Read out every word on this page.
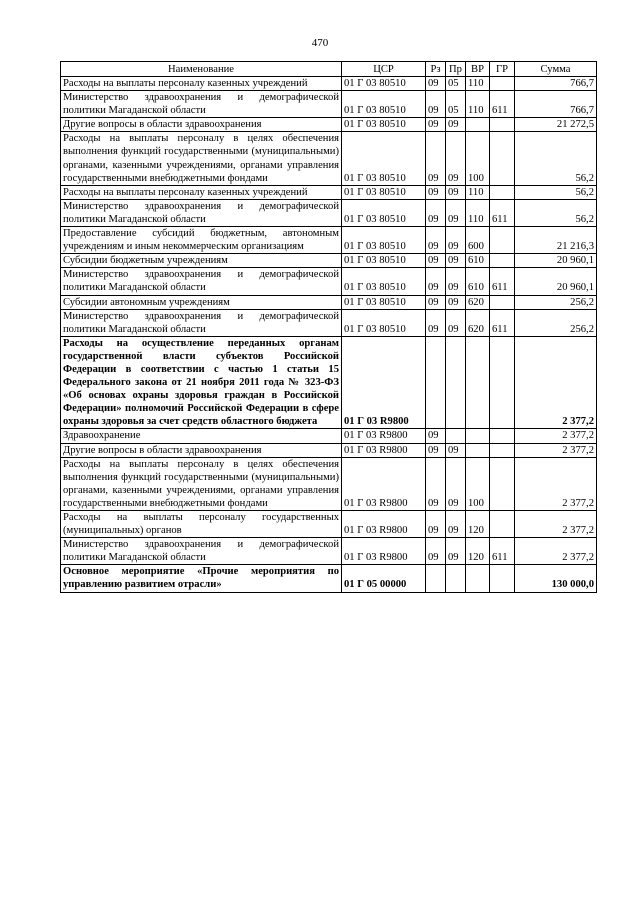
470
Наименование	ЦСР	Рз	Пр	ВР	ГР	Сумма
Расходы на выплаты персоналу казенных учреждений	01 Г 03 80510	09	05	110		766,7
Министерство здравоохранения и демографической политики Магаданской области	01 Г 03 80510	09	05	110	611	766,7
Другие вопросы в области здравоохранения	01 Г 03 80510	09	09			21 272,5
Расходы на выплаты персоналу в целях обеспечения выполнения функций государственными (муниципальными) органами, казенными учреждениями, органами управления государственными внебюджетными фондами	01 Г 03 80510	09	09	100		56,2
Расходы на выплаты персоналу казенных учреждений	01 Г 03 80510	09	09	110		56,2
Министерство здравоохранения и демографической политики Магаданской области	01 Г 03 80510	09	09	110	611	56,2
Предоставление субсидий бюджетным, автономным учреждениям и иным некоммерческим организациям	01 Г 03 80510	09	09	600		21 216,3
Субсидии бюджетным учреждениям	01 Г 03 80510	09	09	610		20 960,1
Министерство здравоохранения и демографической политики Магаданской области	01 Г 03 80510	09	09	610	611	20 960,1
Субсидии автономным учреждениям	01 Г 03 80510	09	09	620		256,2
Министерство здравоохранения и демографической политики Магаданской области	01 Г 03 80510	09	09	620	611	256,2
Расходы на осуществление переданных органам государственной власти субъектов Российской Федерации в соответствии с частью 1 статьи 15 Федерального закона от 21 ноября 2011 года № 323-ФЗ «Об основах охраны здоровья граждан в Российской Федерации» полномочий Российской Федерации в сфере охраны здоровья за счет средств областного бюджета	01 Г 03 R9800					2 377,2
Здравоохранение	01 Г 03 R9800	09				2 377,2
Другие вопросы в области здравоохранения	01 Г 03 R9800	09	09			2 377,2
Расходы на выплаты персоналу в целях обеспечения выполнения функций государственными (муниципальными) органами, казенными учреждениями, органами управления государственными внебюджетными фондами	01 Г 03 R9800	09	09	100		2 377,2
Расходы на выплаты персоналу государственных (муниципальных) органов	01 Г 03 R9800	09	09	120		2 377,2
Министерство здравоохранения и демографической политики Магаданской области	01 Г 03 R9800	09	09	120	611	2 377,2
Основное мероприятие «Прочие мероприятия по управлению развитием отрасли»	01 Г 05 00000					130 000,0
